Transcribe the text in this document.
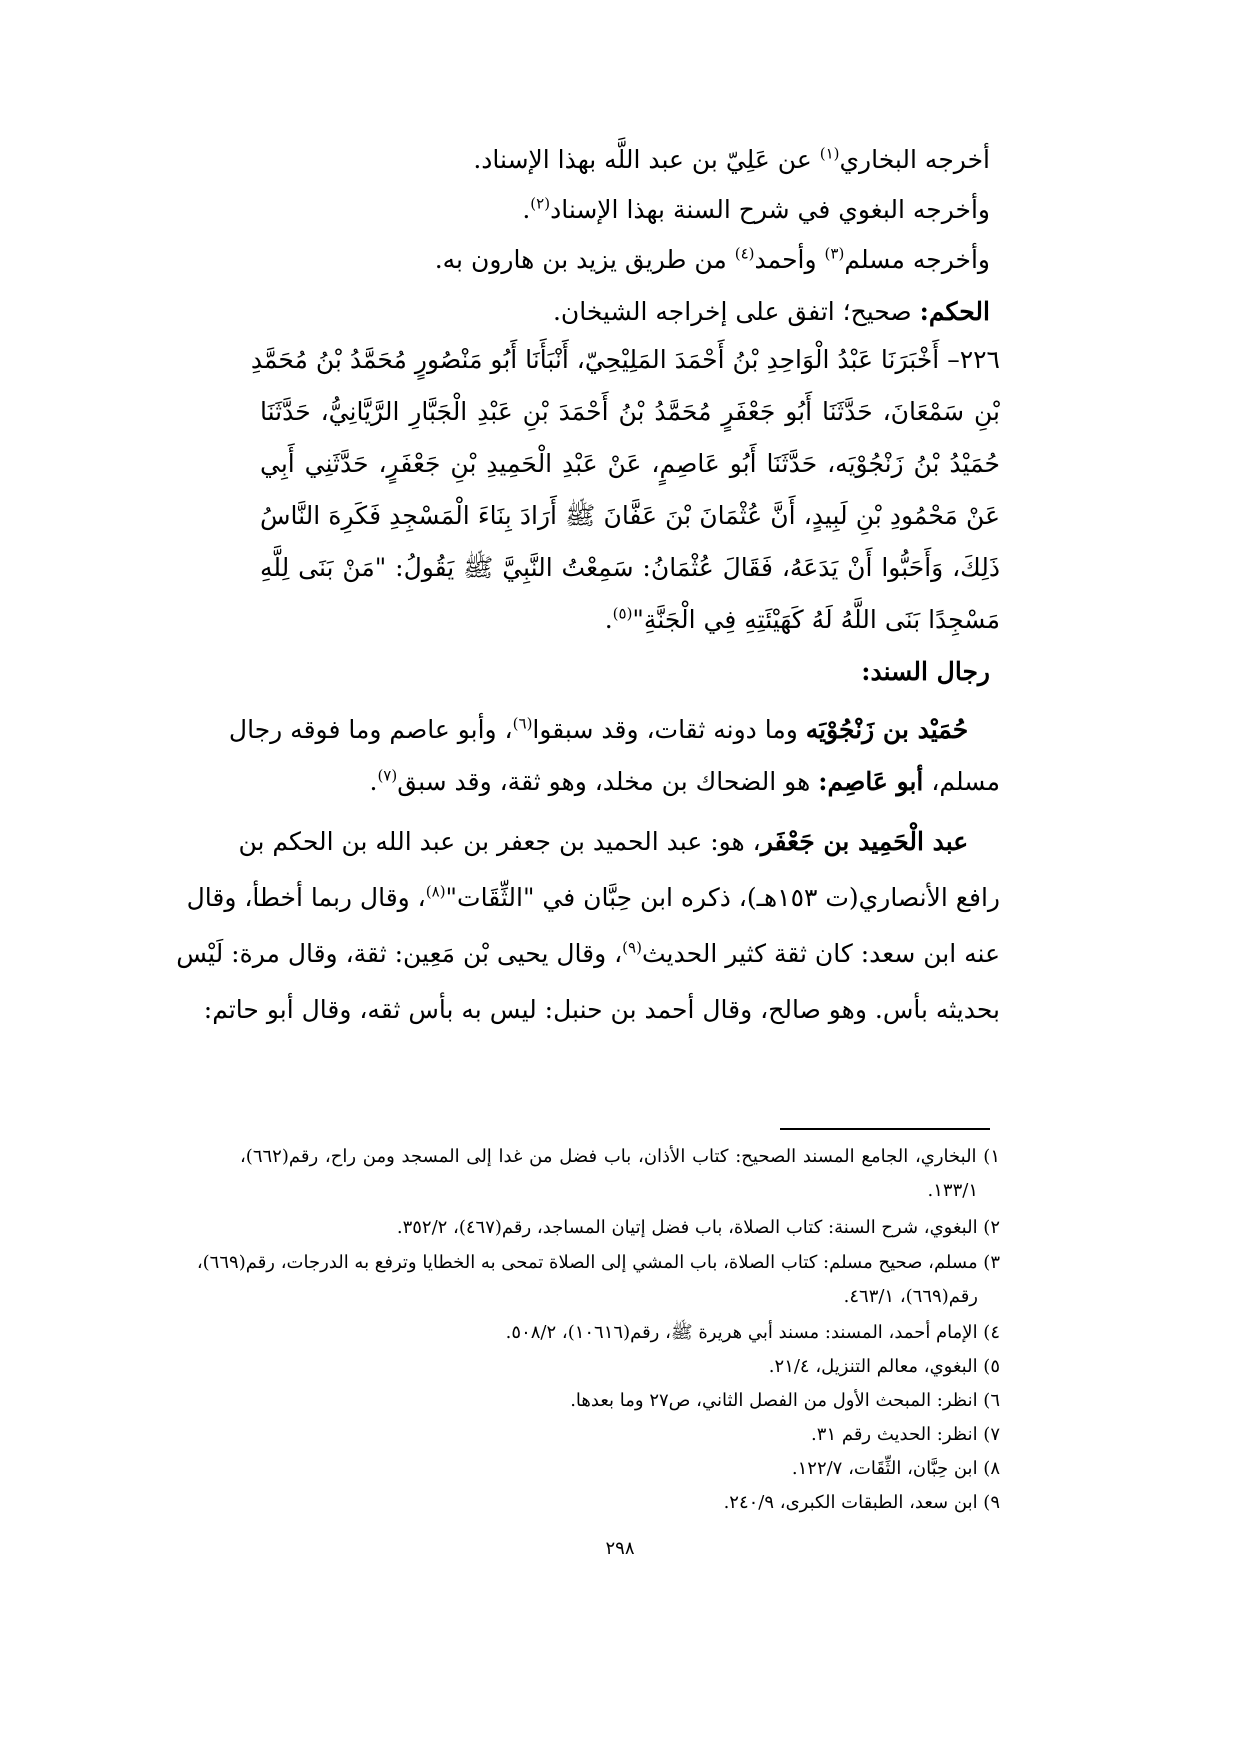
أخرجه البخاري$^{(١)}$ عن عَلِيّ بن عبد اللَّه بهذا الإسناد.
وأخرجه البغوي في شرح السنة بهذا الإسناد$^{(٢)}$.
وأخرجه مسلم$^{(٣)}$ وأحمد$^{(٤)}$ من طريق يزيد بن هارون به.
الحكم: صحيح؛ اتفق على إخراجه الشيخان.
٢٢٦– أَخْبَرَنَا عَبْدُ الْوَاحِدِ بْنُ أَحْمَدَ المَلِيْحِيّ، أَنْبَأَنَا أَبُو مَنْصُورٍ مُحَمَّدُ بْنُ مُحَمَّدِ
بْنِ سَمْعَانَ، حَدَّثَنَا أَبُو جَعْفَرٍ مُحَمَّدُ بْنُ أَحْمَدَ بْنِ عَبْدِ الْجَبَّارِ الرَّيَّانِيُّ، حَدَّثَنَا
حُمَيْدُ بْنُ زَنْجُوْيَه، حَدَّثَنَا أَبُو عَاصِمٍ، عَنْ عَبْدِ الْحَمِيدِ بْنِ جَعْفَرٍ، حَدَّثَنِي أَبِي
عَنْ مَحْمُودِ بْنِ لَبِيدٍ، أَنَّ عُثْمَانَ بْنَ عَفَّانَ ﷺ أَرَادَ بِنَاءَ الْمَسْجِدِ فَكَرِهَ النَّاسُ
ذَلِكَ، وَأَحَبُّوا أَنْ يَدَعَهُ، فَقَالَ عُثْمَانُ: سَمِعْتُ النَّبِيَّ ﷺ يَقُولُ: "مَنْ بَنَى لِلَّهِ
مَسْجِدًا بَنَى اللَّهُ لَهُ كَهَيْئَتِهِ فِي الْجَنَّةِ"$^{(٥)}$.
رجال السند:
حُمَيْد بن زَنْجُوْيَه وما دونه ثقات، وقد سبقوا$^{(٦)}$، وأبو عاصم وما فوقه رجال
مسلم، أبو عَاصِم: هو الضحاك بن مخلد، وهو ثقة، وقد سبق$^{(٧)}$.
عبد الْحَمِيد بن جَعْفَر، هو: عبد الحميد بن جعفر بن عبد الله بن الحكم بن
رافع الأنصاري(ت ١٥٣هـ)، ذكره ابن حِبَّان في "الثِّقَات"$^{(٨)}$، وقال ربما أخطأ، وقال
عنه ابن سعد: كان ثقة كثير الحديث$^{(٩)}$، وقال يحيى بْن مَعِين: ثقة، وقال مرة: لَيْس
بحديثه بأس. وهو صالح، وقال أحمد بن حنبل: ليس به بأس ثقه، وقال أبو حاتم:
١) البخاري، الجامع المسند الصحيح: كتاب الأذان، باب فضل من غدا إلى المسجد ومن راح، رقم(٦٦٢)،
١٣٣/١.
٢) البغوي، شرح السنة: كتاب الصلاة، باب فضل إتيان المساجد، رقم(٤٦٧)، ٣٥٢/٢.
٣) مسلم، صحيح مسلم: كتاب الصلاة، باب المشي إلى الصلاة تمحى به الخطايا وترفع به الدرجات، رقم(٦٦٩)،
رقم(٦٦٩)، ٤٦٣/١.
٤) الإمام أحمد، المسند: مسند أبي هريرة ﷺ، رقم(١٠٦١٦)، ٥٠٨/٢.
٥) البغوي، معالم التنزيل، ٢١/٤.
٦) انظر: المبحث الأول من الفصل الثاني، ص٢٧ وما بعدها.
٧) انظر: الحديث رقم ٣١.
٨) ابن حِبَّان، الثِّقَات، ١٢٢/٧.
٩) ابن سعد، الطبقات الكبرى، ٢٤٠/٩.
٢٩٨
